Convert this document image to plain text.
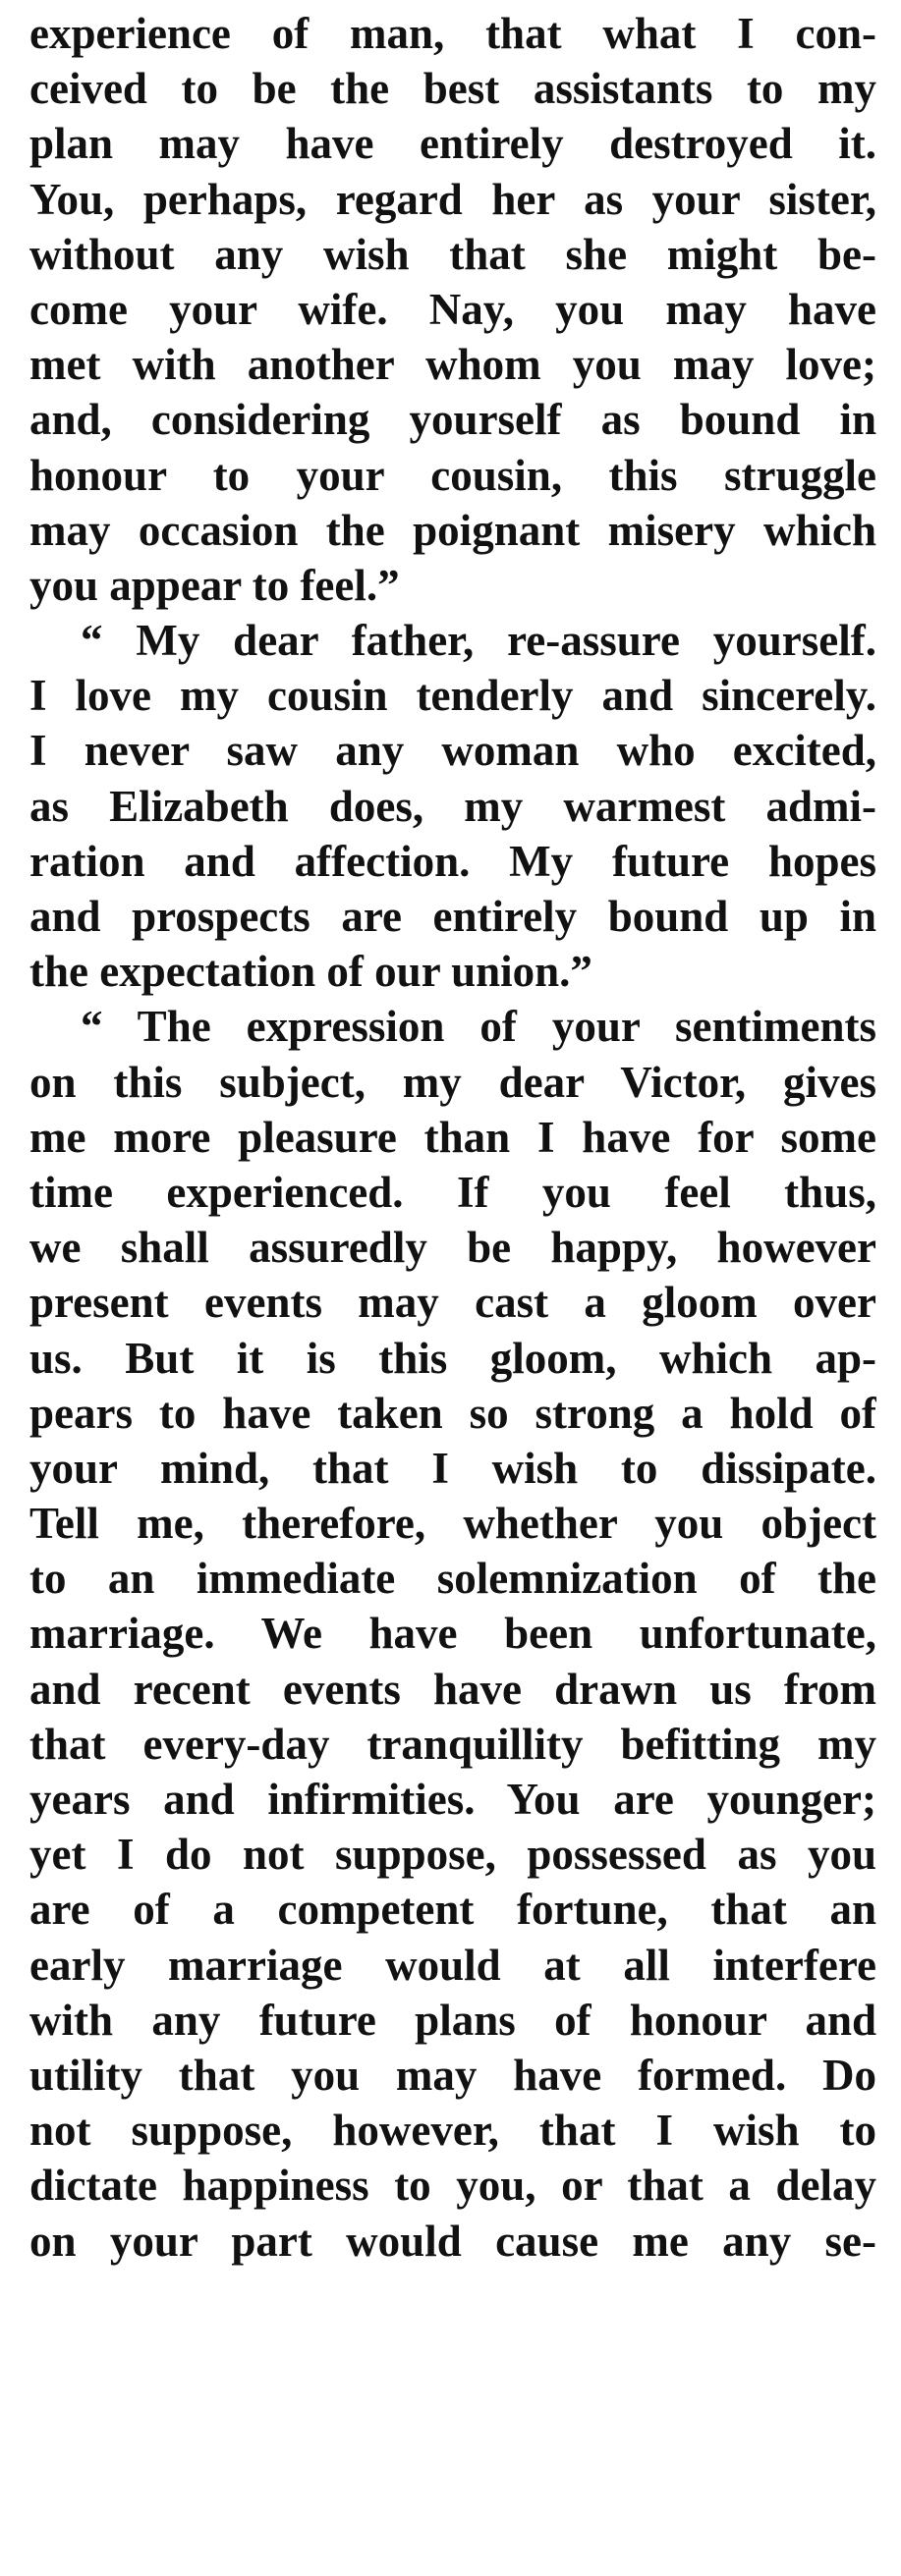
experience of man, that what I con-
ceived to be the best assistants to my
plan may have entirely destroyed it.
You, perhaps, regard her as your sister,
without any wish that she might be-
come your wife. Nay, you may have
met with another whom you may love;
and, considering yourself as bound in
honour to your cousin, this struggle
may occasion the poignant misery which
you appear to feel.”
“ My dear father, re-assure yourself.
I love my cousin tenderly and sincerely.
I never saw any woman who excited,
as Elizabeth does, my warmest admi-
ration and affection. My future hopes
and prospects are entirely bound up in
the expectation of our union.”
“ The expression of your sentiments
on this subject, my dear Victor, gives
me more pleasure than I have for some
time experienced. If you feel thus,
we shall assuredly be happy, however
present events may cast a gloom over
us. But it is this gloom, which ap-
pears to have taken so strong a hold of
your mind, that I wish to dissipate.
Tell me, therefore, whether you object
to an immediate solemnization of the
marriage. We have been unfortunate,
and recent events have drawn us from
that every-day tranquillity befitting my
years and infirmities. You are younger;
yet I do not suppose, possessed as you
are of a competent fortune, that an
early marriage would at all interfere
with any future plans of honour and
utility that you may have formed. Do
not suppose, however, that I wish to
dictate happiness to you, or that a delay
on your part would cause me any se-
